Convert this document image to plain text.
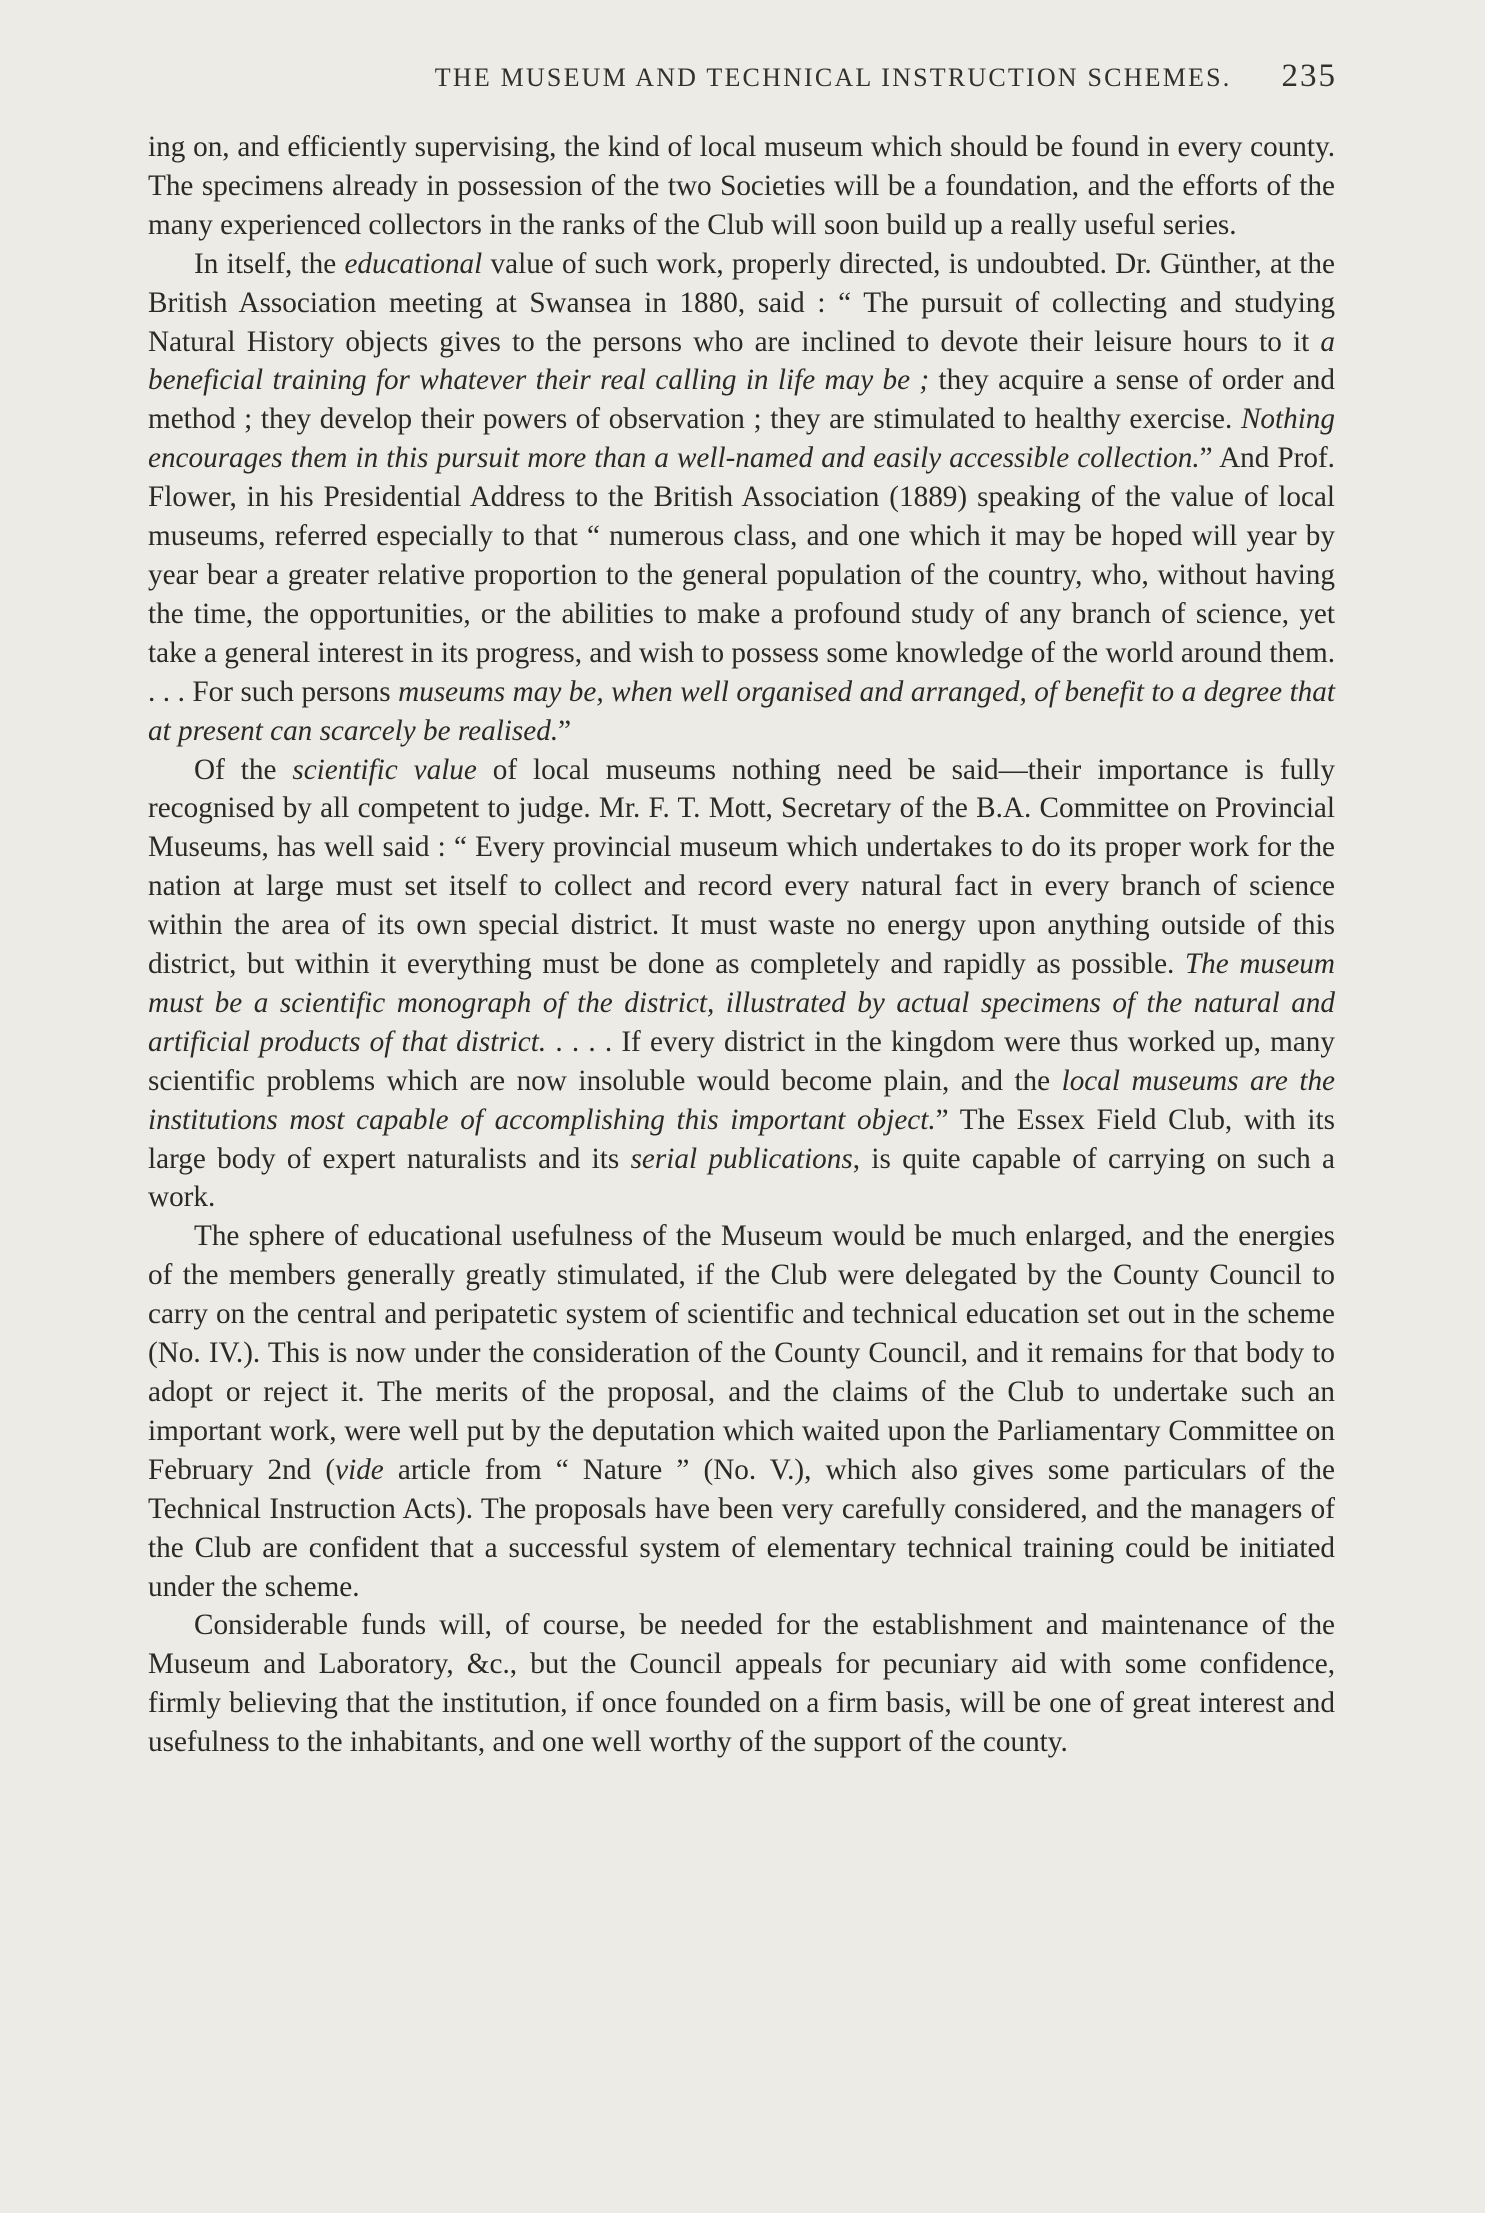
THE MUSEUM AND TECHNICAL INSTRUCTION SCHEMES. 235

ing on, and efficiently supervising, the kind of local museum which should be found in every county. The specimens already in possession of the two Societies will be a foundation, and the efforts of the many experienced collectors in the ranks of the Club will soon build up a really useful series.

In itself, the educational value of such work, properly directed, is undoubted. Dr. Günther, at the British Association meeting at Swansea in 1880, said : “ The pursuit of collecting and studying Natural History objects gives to the persons who are inclined to devote their leisure hours to it a beneficial training for whatever their real calling in life may be ; they acquire a sense of order and method ; they develop their powers of observation ; they are stimulated to healthy exercise. Nothing encourages them in this pursuit more than a well-named and easily accessible collection.” And Prof. Flower, in his Presidential Address to the British Association (1889) speaking of the value of local museums, referred especially to that “ numerous class, and one which it may be hoped will year by year bear a greater relative proportion to the general population of the country, who, without having the time, the opportunities, or the abilities to make a profound study of any branch of science, yet take a general interest in its progress, and wish to possess some knowledge of the world around them. . . . For such persons museums may be, when well organised and arranged, of benefit to a degree that at present can scarcely be realised.”

Of the scientific value of local museums nothing need be said—their importance is fully recognised by all competent to judge. Mr. F. T. Mott, Secretary of the B.A. Committee on Provincial Museums, has well said : “ Every provincial museum which undertakes to do its proper work for the nation at large must set itself to collect and record every natural fact in every branch of science within the area of its own special district. It must waste no energy upon anything outside of this district, but within it everything must be done as completely and rapidly as possible. The museum must be a scientific monograph of the district, illustrated by actual specimens of the natural and artificial products of that district. . . . . If every district in the kingdom were thus worked up, many scientific problems which are now insoluble would become plain, and the local museums are the institutions most capable of accomplishing this important object.” The Essex Field Club, with its large body of expert naturalists and its serial publications, is quite capable of carrying on such a work.

The sphere of educational usefulness of the Museum would be much enlarged, and the energies of the members generally greatly stimulated, if the Club were delegated by the County Council to carry on the central and peripatetic system of scientific and technical education set out in the scheme (No. IV.). This is now under the consideration of the County Council, and it remains for that body to adopt or reject it. The merits of the proposal, and the claims of the Club to undertake such an important work, were well put by the deputation which waited upon the Parliamentary Committee on February 2nd (vide article from “ Nature ” (No. V.), which also gives some particulars of the Technical Instruction Acts). The proposals have been very carefully considered, and the managers of the Club are confident that a successful system of elementary technical training could be initiated under the scheme.

Considerable funds will, of course, be needed for the establishment and maintenance of the Museum and Laboratory, &c., but the Council appeals for pecuniary aid with some confidence, firmly believing that the institution, if once founded on a firm basis, will be one of great interest and usefulness to the inhabitants, and one well worthy of the support of the county.
